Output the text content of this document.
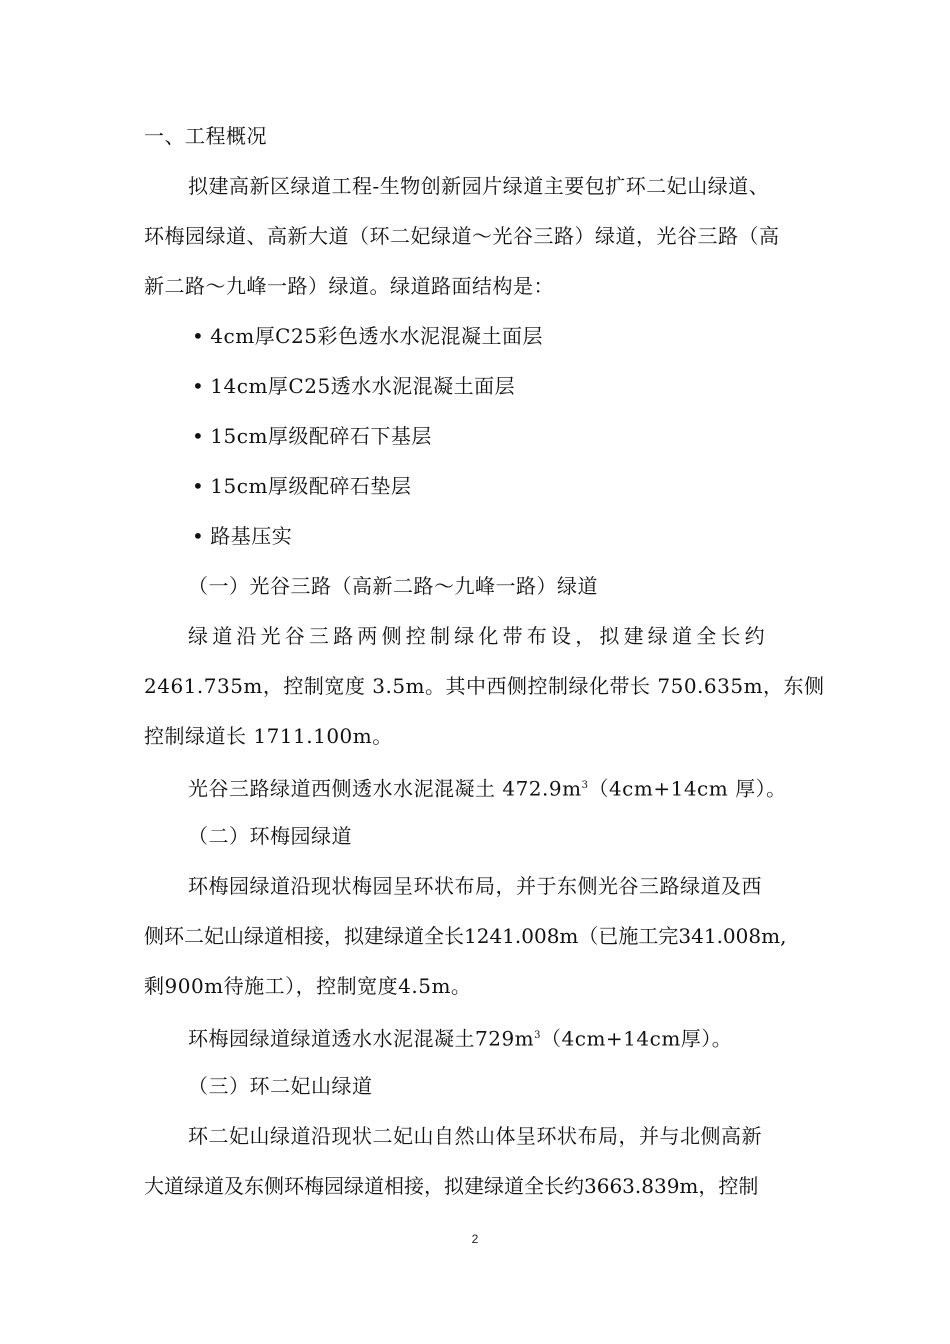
一、工程概况
拟建高新区绿道工程-生物创新园片绿道主要包扩环二妃山绿道、
环梅园绿道、高新大道（环二妃绿道～光谷三路）绿道，光谷三路（高
新二路～九峰一路）绿道。绿道路面结构是：
• 4cm厚C25彩色透水水泥混凝土面层
• 14cm厚C25透水水泥混凝土面层
• 15cm厚级配碎石下基层
• 15cm厚级配碎石垫层
• 路基压实
（一）光谷三路（高新二路～九峰一路）绿道
绿道沿光谷三路两侧控制绿化带布设，拟建绿道全长约
2461.735m，控制宽度 3.5m。其中西侧控制绿化带长 750.635m，东侧
控制绿道长 1711.100m。
光谷三路绿道西侧透水水泥混凝土 $472.9m^3(4cm+14cm$ 厚）。
（二）环梅园绿道
环梅园绿道沿现状梅园呈环状布局，并于东侧光谷三路绿道及西
侧环二妃山绿道相接，拟建绿道全长1241.008m（已施工完341.008m,
剩900m待施工），控制宽度4.5m。
环梅园绿道绿道透水水泥混凝土$729m^3(4cm+14cm$厚）。
（三）环二妃山绿道
环二妃山绿道沿现状二妃山自然山体呈环状布局，并与北侧高新
大道绿道及东侧环梅园绿道相接，拟建绿道全长约3663.839m，控制
2
